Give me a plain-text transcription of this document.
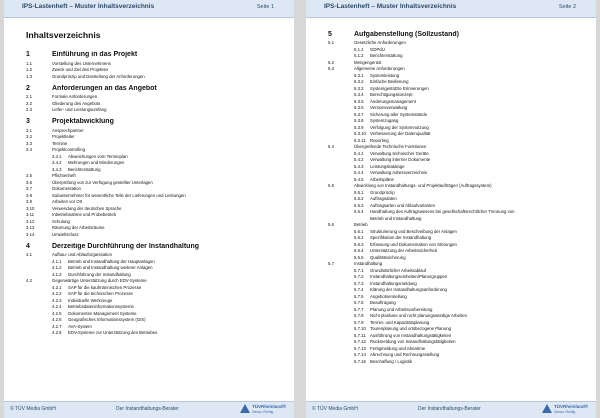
IPS-Lastenheft – Muster Inhaltsverzeichnis	Seite 1
Inhaltsverzeichnis
1	Einführung in das Projekt
1.1	Vorstellung des Unternehmens
1.2	Zweck und Ziel des Projektes
1.3	Grundprinzip und Darstellung der Anforderungen
2	Anforderungen an das Angebot
2.1	Formale Anforderungen
2.2	Gliederung des Angebots
2.3	Liefer- und Leistungsumfang
3	Projektabwicklung
3.1	Ansprechpartner
3.2	Projektleiter
3.3	Termine
3.4	Projektcontrolling
3.4.1	Abweichungen vom Terminplan
3.4.2	Mehrungen und Minderungen
3.4.3	Berichterstattung
3.5	Pflichtenheft
3.6	Überprüfung von zur Verfügung gestellter Unterlagen
3.7	Dokumentation
3.8	Subunternehmer für wesentliche Teile der Lieferungen und Leistungen
3.9	Arbeiten vor Ort
3.10	Verwendung der deutschen Sprache
3.11	Inbetriebnahme und Probebetrieb
3.12	Schulung
3.13	Räumung der Arbeitsräume
3.14	Umweltschutz
4	Derzeitige Durchführung der Instandhaltung
4.1	Aufbau- und Ablauforganisation
4.1.1	Betrieb und Instandhaltung der Hauptanlagen
4.1.2	Betrieb und Instandhaltung weiterer Anlagen
4.1.3	Durchführung der Instandhaltung
4.2	Gegenwärtige Unterstützung durch EDV-Systeme
4.2.1	SAP für die kaufmännischen Prozesse
4.2.2	SAP für die technischen Prozesse
4.2.3	Individuelle Werkzeuge
4.2.4	Betriebsdateninformationssysteme
4.2.5	Dokumenten Management Systeme
4.2.6	Geografisches Informationssystem (GIS)
4.2.7	AVA-System
4.2.8	EDV-Systeme zur Unterstützung des Betriebes
© TÜV Media GmbH	Der Instandhaltungs-Berater	TÜVRheinland®
Genau. Richtig.
IPS-Lastenheft – Muster Inhaltsverzeichnis	Seite 2
5	Aufgabenstellung (Sollzustand)
5.1	Gesetzliche Anforderungen
5.1.1	GDPdU
5.1.2	Berichterstattung
5.2	Mengengerüst
5.3	Allgemeine Anforderungen
5.3.1	Systemleistung
5.3.2	Einfache Bedienung
5.3.3	Systemgestützte Erinnerungen
5.3.4	Berechtigungskonzept
5.3.5	Änderungsmanagement
5.3.6	Versionsverwaltung
5.3.7	Sicherung aller Systemstände
5.3.8	Systemzugang
5.3.9	Verfolgung der Systemnutzung
5.3.10 Verbesserung der Datenqualität
5.3.11	Reporting
5.4	Übergreifende Technische Funktionen
5.4.1	Verwaltung technischer Geräte
5.4.2	Verwaltung interner Dokumente
5.4.3	Leistungskataloge
5.4.4	Verwaltung Adressverzeichnis
5.4.5	Arbeitspläne
5.5	Abwicklung von Instandhaltungs- und Projektaufträgen (Auftragssystem)
5.5.1	Grundprinzip
5.5.2	Auftragsdaten
5.5.3	Auftragsarten und Ablaufvarianten
5.5.4	Handhabung des Auftragswesens bei gesellschaftsrechtlicher Trennung von
Betrieb und Instandhaltung
5.6	Betrieb
5.6.1	Strukturierung und Beschreibung der Anlagen
5.6.2	Spezifikation der Instandhaltung
5.6.3	Erfassung und Dokumentation von Störungen
5.6.4	Unterstützung der Arbeitssicherheit
5.6.5	Qualitätssicherung
5.7	Instandhaltung
5.7.1	Grundsätzlicher Arbeitsablauf
5.7.2	Instandhaltungseinheiten/Planergruppen
5.7.3	Instandhaltungsmeldung
5.7.4	Klärung der Instandhaltungsanforderung
5.7.5	Angebotserstellung
5.7.6	Beauftragung
5.7.7	Planung und Arbeitsvorbereitung
5.7.8	Nicht planbare und nicht planungswürdige Arbeiten
5.7.9	Termin- und Kapazitätsplanung
5.7.10 Tourenplanung und ortsbezogene Planung
5.7.11	Ausführung von Instandhaltungstätigkeiten
5.7.12 Rückmeldung von Instandhaltungstätigkeiten
5.7.13 Fertigmeldung und Abnahme
5.7.14 Abrechnung und Rechnungsstellung
5.7.15 Beschaffung / Logistik
© TÜV Media GmbH	Der Instandhaltungs-Berater	TÜVRheinland®
Genau. Richtig.
